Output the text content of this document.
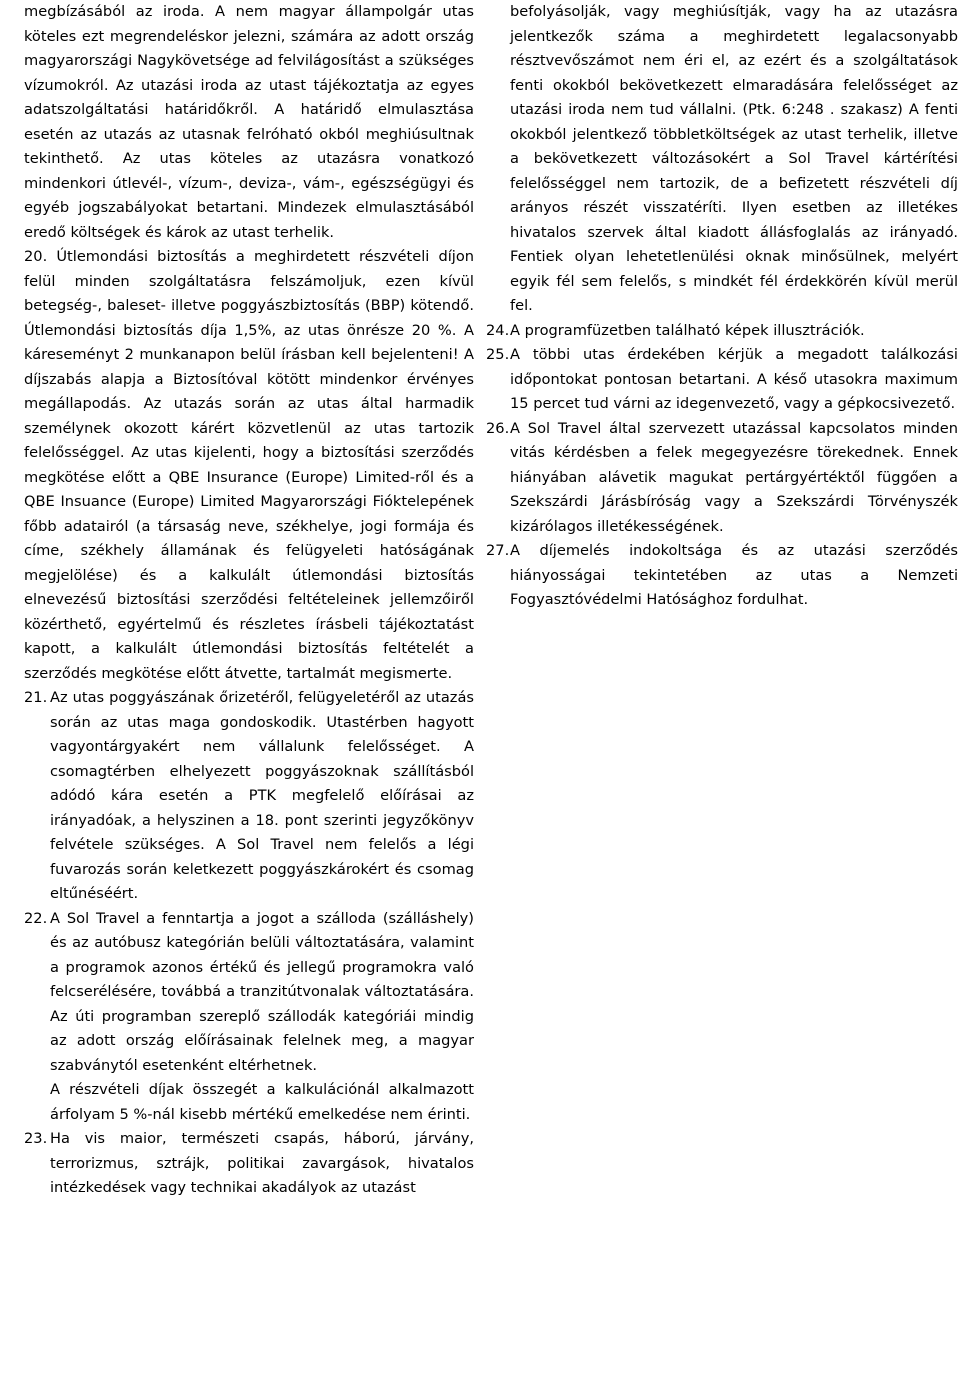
megbízásából az iroda. A nem magyar állampolgár utas köteles ezt megrendeléskor jelezni, számára az adott ország magyarországi Nagykövetsége ad felvilágosítást a szükséges vízumokról. Az utazási iroda az utast tájékoztatja az egyes adatszolgáltatási határidőkről. A határidő elmulasztása esetén az utazás az utasnak felróható okból meghiúsultnak tekinthető. Az utas köteles az utazásra vonatkozó mindenkori útlevél-, vízum-, deviza-, vám-, egészségügyi és egyéb jogszabályokat betartani. Mindezek elmulasztásából eredő költségek és károk az utast terhelik.

20. Útlemondási biztosítás a meghirdetett részvételi díjon felül minden szolgáltatásra felszámoljuk, ezen kívül betegség-, baleset- illetve poggyászbiztosítás (BBP) kötendő. Útlemondási biztosítás díja 1,5%, az utas önrésze 20 %. A káreseményt 2 munkanapon belül írásban kell bejelenteni! A díjszabás alapja a Biztosítóval kötött mindenkor érvényes megállapodás. Az utazás során az utas által harmadik személynek okozott kárért közvetlenül az utas tartozik felelősséggel. Az utas kijelenti, hogy a biztosítási szerződés megkötése előtt a QBE Insurance (Europe) Limited-ről és a QBE Insuance (Europe) Limited Magyarországi Fióktelepének főbb adatairól (a társaság neve, székhelye, jogi formája és címe, székhely államának és felügyeleti hatóságának megjelölése) és a kalkulált útlemondási biztosítás elnevezésű biztosítási szerződési feltételeinek jellemzőiről közérthető, egyértelmű és részletes írásbeli tájékoztatást kapott, a kalkulált útlemondási biztosítás feltételét a szerződés megkötése előtt átvette, tartalmát megismerte.

21. Az utas poggyászának őrizetéről, felügyeletéről az utazás során az utas maga gondoskodik. Utastérben hagyott vagyontárgyakért nem vállalunk felelősséget. A csomagtérben elhelyezett poggyászoknak szállításból adódó kára esetén a PTK megfelelő előírásai az irányadóak, a helyszinen a 18. pont szerinti jegyzőkönyv felvétele szükséges. A Sol Travel nem felelős a légi fuvarozás során keletkezett poggyászkárokért és csomag eltűnéséért.
22. A Sol Travel a fenntartja a jogot a szálloda (szálláshely) és az autóbusz kategórián belüli változtatására, valamint a programok azonos értékű és jellegű programokra való felcserélésére, továbbá a tranzitútvonalak változtatására. Az úti programban szereplő szállodák kategóriái mindig az adott ország előírásainak felelnek meg, a magyar szabványtól esetenként eltérhetnek.
A részvételi díjak összegét a kalkulációnál alkalmazott árfolyam 5 %-nál kisebb mértékű emelkedése nem érinti.
23. Ha vis maior, természeti csapás, háború, járvány, terrorizmus, sztrájk, politikai zavargások, hivatalos intézkedések vagy technikai akadályok az utazást

befolyásolják, vagy meghiúsítják, vagy ha az utazásra jelentkezők száma a meghirdetett legalacsonyabb résztvevőszámot nem éri el, az ezért és a szolgáltatások fenti okokból bekövetkezett elmaradására felelősséget az utazási iroda nem tud vállalni. (Ptk. 6:248 . szakasz) A fenti okokból jelentkező többletköltségek az utast terhelik, illetve a bekövetkezett változásokért a Sol Travel kártérítési felelősséggel nem tartozik, de a befizetett részvételi díj arányos részét visszatéríti. Ilyen esetben az illetékes hivatalos szervek által kiadott állásfoglalás az irányadó. Fentiek olyan lehetetlenülési oknak minősülnek, melyért egyik fél sem felelős, s mindkét fél érdekkörén kívül merül fel.

24. A programfüzetben található képek illusztrációk.
25. A többi utas érdekében kérjük a megadott találkozási időpontokat pontosan betartani. A késő utasokra maximum 15 percet tud várni az idegenvezető, vagy a gépkocsivezető.
26. A Sol Travel által szervezett utazással kapcsolatos minden vitás kérdésben a felek megegyezésre törekednek. Ennek hiányában alávetik magukat pertárgyértéktől függően a Szekszárdi Járásbíróság vagy a Szekszárdi Törvényszék kizárólagos illetékességének.
27. A díjemelés indokoltsága és az utazási szerződés hiányosságai tekintetében az utas a Nemzeti Fogyasztóvédelmi Hatósághoz fordulhat.
